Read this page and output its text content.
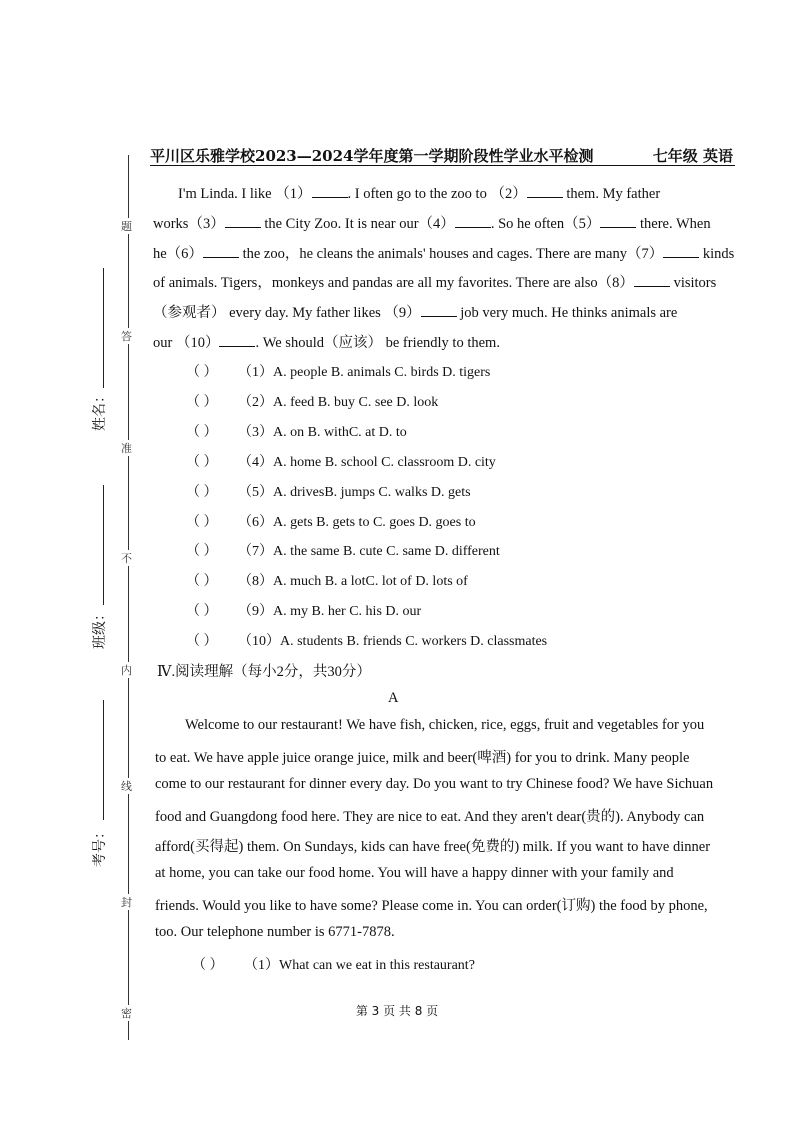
平川区乐雅学校2023—2024学年度第一学期阶段性学业水平检测	七年级 英语
题
答
准
不
内
线
封
密
姓名：
班级：
考号：
I'm Linda. I like （1） . I often go to the zoo to （2） them. My father
works（3） the City Zoo. It is near our（4） . So he often（5） there. When
he（6） the zoo，he cleans the animals' houses and cages. There are many（7） kinds
of animals. Tigers，monkeys and pandas are all my favorites. There are also（8） visitors
（参观者） every day. My father likes （9） job very much. He thinks animals are
our （10） . We should（应该） be friendly to them.
（ ） （1）A. people B. animals C. birds D. tigers
（ ） （2）A. feed B. buy C. see D. look
（ ） （3）A. on B. withC. at D. to
（ ） （4）A. home B. school C. classroom D. city
（ ） （5）A. drivesB. jumps C. walks D. gets
（ ） （6）A. gets B. gets to C. goes D. goes to
（ ） （7）A. the same B. cute C. same D. different
（ ） （8）A. much B. a lotC. lot of D. lots of
（ ） （9）A. my B. her C. his D. our
（ ） （10）A. students B. friends C. workers D. classmates
Ⅳ.阅读理解（每小2分，共30分）
A
Welcome to our restaurant! We have fish, chicken, rice, eggs, fruit and vegetables for you
to eat. We have apple juice orange juice, milk and beer(啤酒) for you to drink. Many people
come to our restaurant for dinner every day. Do you want to try Chinese food? We have Sichuan
food and Guangdong food here. They are nice to eat. And they aren't dear(贵的). Anybody can
afford(买得起) them. On Sundays, kids can have free(免费的) milk. If you want to have dinner
at home, you can take our food home. You will have a happy dinner with your family and
friends. Would you like to have some? Please come in. You can order(订购) the food by phone,
too. Our telephone number is 6771-7878.
（ ） （1）What can we eat in this restaurant?
第 3 页 共 8 页
